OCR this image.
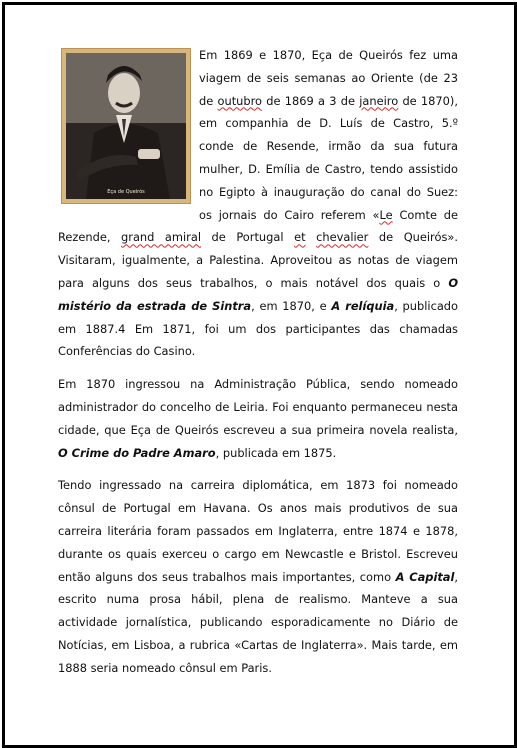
Eça de Queirós
Em 1869 e 1870, Eça de Queirós fez uma viagem de seis semanas ao Oriente (de 23 de outubro de 1869 a 3 de janeiro de 1870), em companhia de D. Luís de Castro, 5.º conde de Resende, irmão da sua futura mulher, D. Emília de Castro, tendo assistido no Egipto à inauguração do canal do Suez: os jornais do Cairo referem «Le Comte de Rezende, grand amiral de Portugal et chevalier de Queirós». Visitaram, igualmente, a Palestina. Aproveitou as notas de viagem para alguns dos seus trabalhos, o mais notável dos quais o O mistério da estrada de Sintra, em 1870, e A relíquia, publicado em 1887.4 Em 1871, foi um dos participantes das chamadas Conferências do Casino.

Em 1870 ingressou na Administração Pública, sendo nomeado administrador do concelho de Leiria. Foi enquanto permaneceu nesta cidade, que Eça de Queirós escreveu a sua primeira novela realista, O Crime do Padre Amaro, publicada em 1875.

Tendo ingressado na carreira diplomática, em 1873 foi nomeado cônsul de Portugal em Havana. Os anos mais produtivos de sua carreira literária foram passados em Inglaterra, entre 1874 e 1878, durante os quais exerceu o cargo em Newcastle e Bristol. Escreveu então alguns dos seus trabalhos mais importantes, como A Capital, escrito numa prosa hábil, plena de realismo. Manteve a sua actividade jornalística, publicando esporadicamente no Diário de Notícias, em Lisboa, a rubrica «Cartas de Inglaterra». Mais tarde, em 1888 seria nomeado cônsul em Paris.
